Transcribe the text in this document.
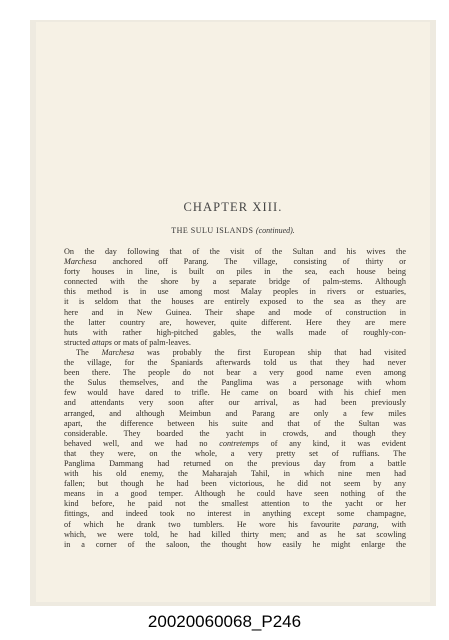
CHAPTER XIII.
THE SULU ISLANDS (continued).
On the day following that of the visit of the Sultan and his wives the
Marchesa anchored off Parang. The village, consisting of thirty or
forty houses in line, is built on piles in the sea, each house being
connected with the shore by a separate bridge of palm-stems. Although
this method is in use among most Malay peoples in rivers or estuaries,
it is seldom that the houses are entirely exposed to the sea as they are
here and in New Guinea. Their shape and mode of construction in
the latter country are, however, quite different. Here they are mere
huts with rather high-pitched gables, the walls made of roughly-con-
structed attaps or mats of palm-leaves.
The Marchesa was probably the first European ship that had visited
the village, for the Spaniards afterwards told us that they had never
been there. The people do not bear a very good name even among
the Sulus themselves, and the Panglima was a personage with whom
few would have dared to trifle. He came on board with his chief men
and attendants very soon after our arrival, as had been previously
arranged, and although Meimbun and Parang are only a few miles
apart, the difference between his suite and that of the Sultan was
considerable. They boarded the yacht in crowds, and though they
behaved well, and we had no contretemps of any kind, it was evident
that they were, on the whole, a very pretty set of ruffians. The
Panglima Dammang had returned on the previous day from a battle
with his old enemy, the Maharajah Tahil, in which nine men had
fallen; but though he had been victorious, he did not seem by any
means in a good temper. Although he could have seen nothing of the
kind before, he paid not the smallest attention to the yacht or her
fittings, and indeed took no interest in anything except some champagne,
of which he drank two tumblers. He wore his favourite parang, with
which, we were told, he had killed thirty men; and as he sat scowling
in a corner of the saloon, the thought how easily he might enlarge the
20020060068_P246
